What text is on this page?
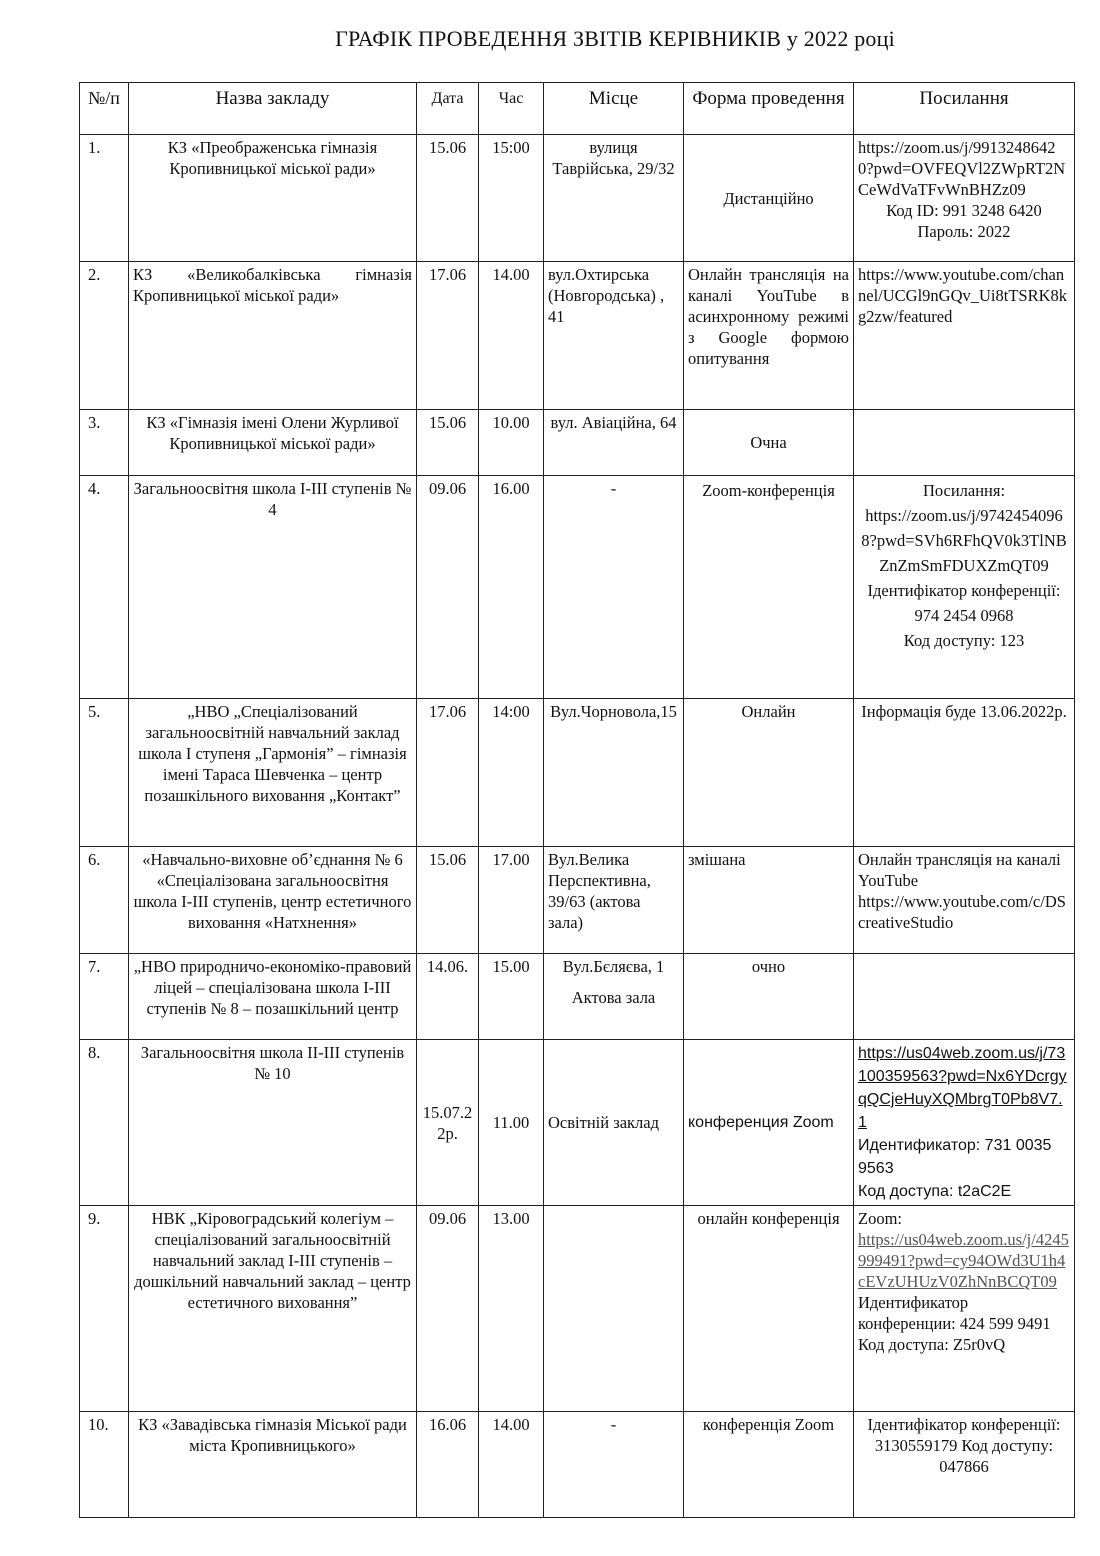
ГРАФІК ПРОВЕДЕННЯ ЗВІТІВ КЕРІВНИКІВ у 2022 році
№/п	Назва закладу	Дата	Час	Місце	Форма проведення	Посилання
1.	КЗ «Преображенська гімназія Кропивницької міської ради»	15.06	15:00	вулиця Таврійська, 29/32	Дистанційно	https://zoom.us/j/99132486420?pwd=OVFEQVl2ZWpRT2NCeWdVaTFvWnBHZz09
Код ID: 991 3248 6420
Пароль: 2022

2.	КЗ «Великобалківська гімназія Кропивницької міської ради»	17.06	14.00	вул.Охтирська (Новгородська) , 41	Онлайн трансляція на каналі YouTube в асинхронному режимі з Google формою опитування	https://www.youtube.com/channel/UCGl9nGQv_Ui8tTSRK8kg2zw/featured

3.	КЗ «Гімназія імені Олени Журливої Кропивницької міської ради»	15.06	10.00	вул. Авіаційна, 64	Очна	
4.	Загальноосвітня школа І-ІІІ ступенів № 4	09.06	16.00	-	Zoom-конференція	Посилання:
https://zoom.us/j/97424540968?pwd=SVh6RFhQV0k3TlNBZnZmSmFDUXZmQT09
Ідентифікатор конференції: 974 2454 0968
Код доступу: 123

5.	„НВО „Спеціалізований загальноосвітній навчальний заклад школа І ступеня „Гармонія” – гімназія імені Тараса Шевченка – центр позашкільного виховання „Контакт”	17.06	14:00	Вул.Чорноволa,15	Онлайн	Інформація буде 13.06.2022р.
6.	«Навчально-виховне об’єднання № 6 «Спеціалізована загальноосвітня школа І-ІІІ ступенів, центр естетичного виховання «Натхнення»	15.06	17.00	Вул.Велика Перспективна, 39/63 (актова зала)	змішана	Онлайн трансляція на каналі YouTube
https://www.youtube.com/c/DScreativeStudio

7.	„НВО природничо-економіко-правовий ліцей – спеціалізована школа І-ІІІ ступенів № 8 – позашкільний центр	14.06.	15.00	Вул.Бєляєва, 1
Актова зала	очно	
8.	Загальноосвітня школа ІІ-ІІІ ступенів № 10	15.07.22р.	11.00	Освітній заклад	конференция Zoom	https://us04web.zoom.us/j/73100359563?pwd=Nx6YDcrgyqQCjeHuyXQMbrgT0Pb8V7.1
Идентификатор: 731 0035 9563
Код доступа: t2aC2E

9.	НВК „Кіровоградський колегіум – спеціалізований загальноосвітній навчальний заклад І-ІІІ ступенів – дошкільний навчальний заклад – центр естетичного виховання”	09.06	13.00		онлайн конференція	Zoom:
https://us04web.zoom.us/j/4245999491?pwd=cy94OWd3U1h4cEVzUHUzV0ZhNnBCQT09
Идентификатор конференции: 424 599 9491
Код доступа: Z5r0vQ

10.	КЗ «Завадівська гімназія Міської ради міста Кропивницького»	16.06	14.00	-	конференція Zoom	Ідентифікатор конференції: 3130559179 Код доступу: 047866
